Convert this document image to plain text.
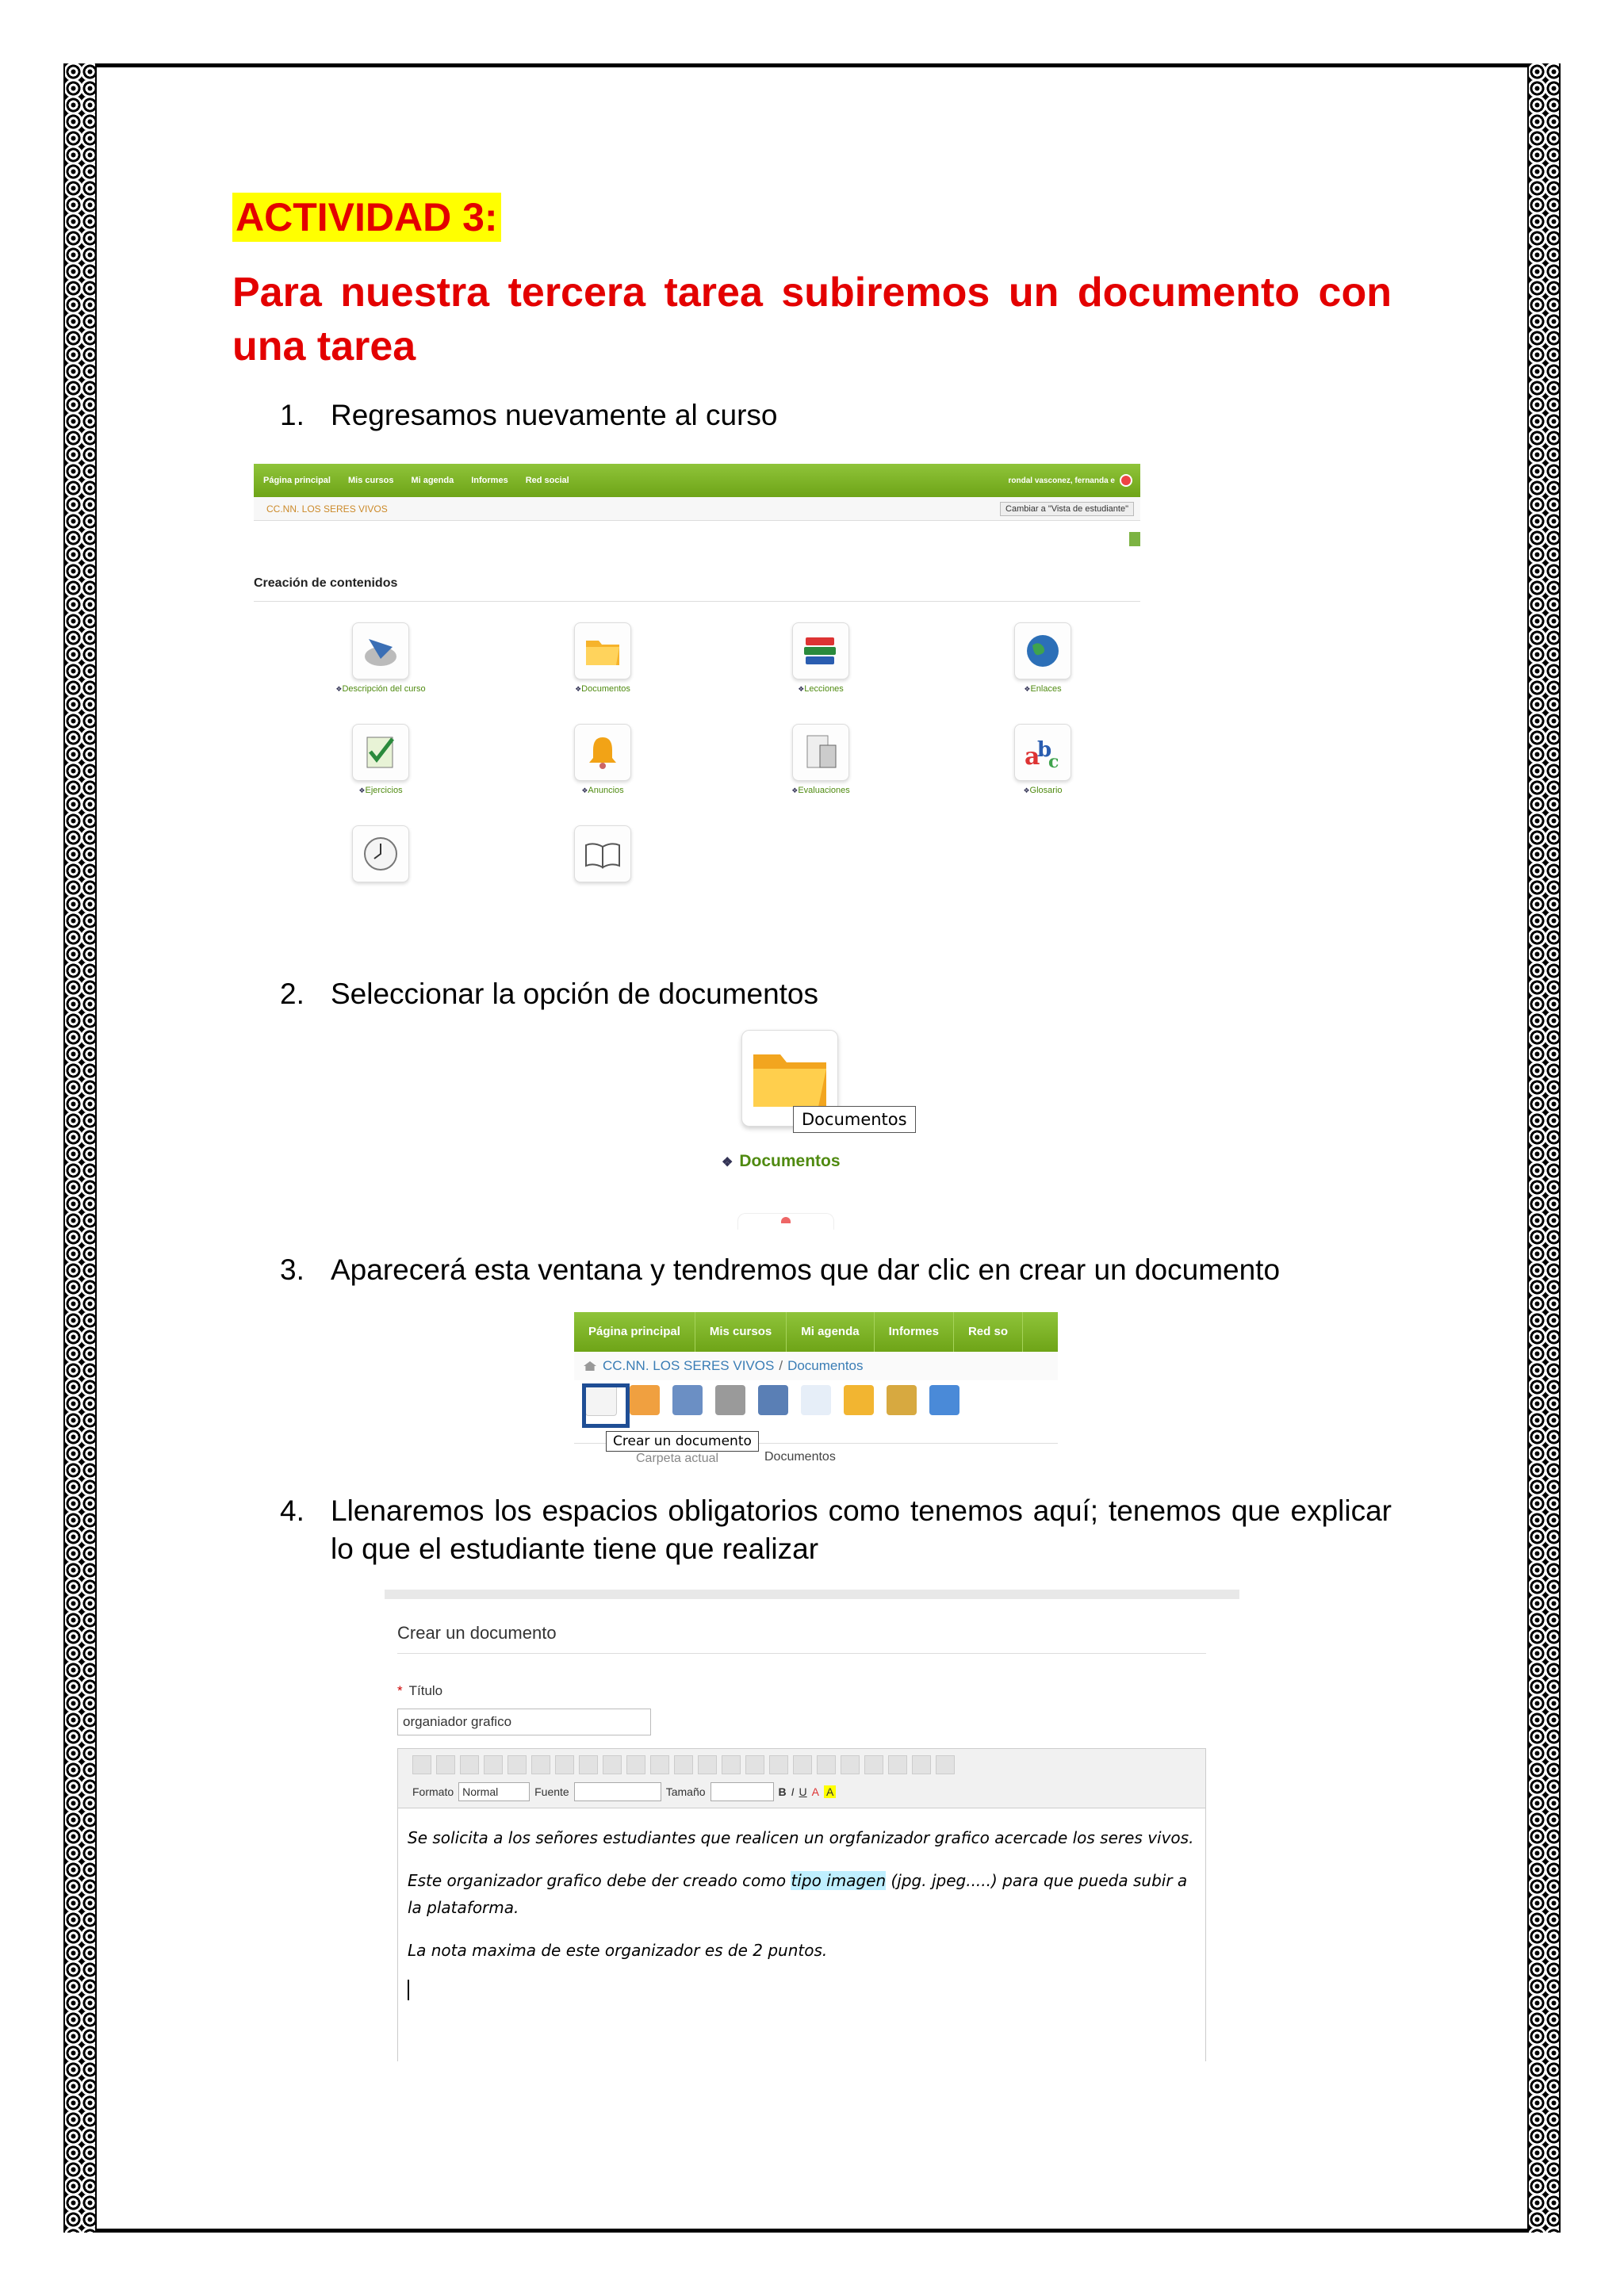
ACTIVIDAD 3:
Para nuestra tercera tarea subiremos un documento con una tarea
1. Regresamos nuevamente al curso
Página principal Mis cursos Mi agenda Informes Red social	rondal vasconez, fernanda e
CC.NN. LOS SERES VIVOS	Cambiar a "Vista de estudiante"
Creación de contenidos
❖ Descripción del curso	❖ Documentos	❖ Lecciones	❖ Enlaces
❖ Ejercicios	❖ Anuncios	❖ Evaluaciones
a
b
c
❖ Glosario
2. Seleccionar la opción de documentos
Documentos
❖ Documentos
3. Aparecerá esta ventana y tendremos que dar clic en crear un documento
Página principal	Mis cursos	Mi agenda	Informes	Red so
CC.NN. LOS SERES VIVOS / Documentos
Carpeta actual	Documentos
Crear un documento
4. Llenaremos los espacios obligatorios como tenemos aquí; tenemos que explicar lo que el estudiante tiene que realizar
Crear un documento
* Título
organiador grafico
Formato Normal	Fuente	Tamaño	B I U A A

Se solicita a los señores estudiantes que realicen un orgfanizador grafico acercade los seres vivos.

Este organizador grafico debe der creado como tipo imagen (jpg. jpeg.....) para que pueda subir a la plataforma.

La nota maxima de este organizador es de 2 puntos.
